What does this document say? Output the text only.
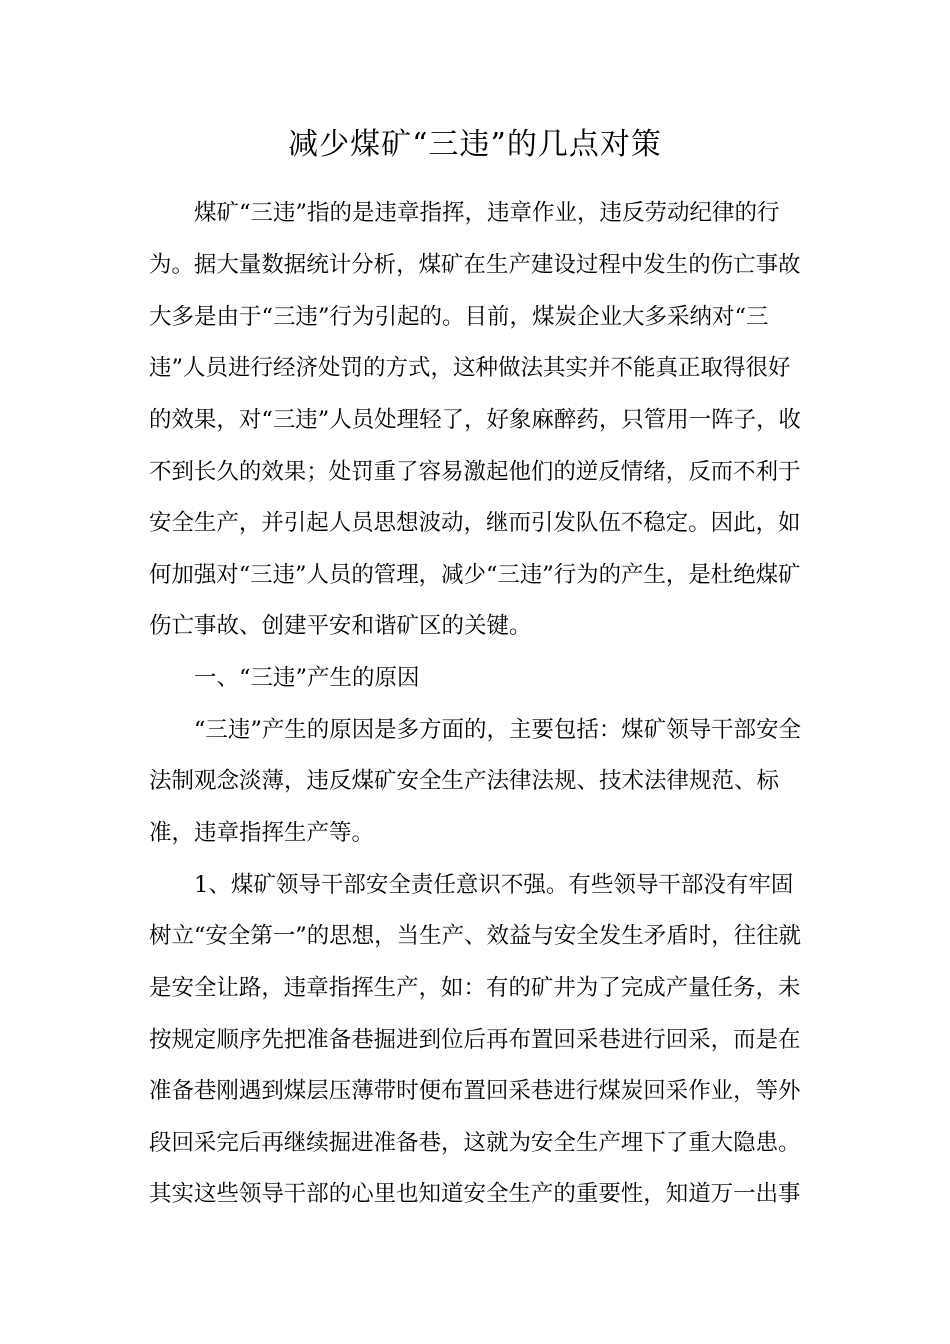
减少煤矿“三违”的几点对策
　　煤矿“三违”指的是违章指挥，违章作业，违反劳动纪律的行
为。据大量数据统计分析，煤矿在生产建设过程中发生的伤亡事故
大多是由于“三违”行为引起的。目前，煤炭企业大多采纳对“三
违”人员进行经济处罚的方式，这种做法其实并不能真正取得很好
的效果，对“三违”人员处理轻了，好象麻醉药，只管用一阵子，收
不到长久的效果；处罚重了容易激起他们的逆反情绪，反而不利于
安全生产，并引起人员思想波动，继而引发队伍不稳定。因此，如
何加强对“三违”人员的管理，减少“三违”行为的产生，是杜绝煤矿
伤亡事故、创建平安和谐矿区的关键。
　　一、“三违”产生的原因
　　“三违”产生的原因是多方面的，主要包括：煤矿领导干部安全
法制观念淡薄，违反煤矿安全生产法律法规、技术法律规范、标
准，违章指挥生产等。
　　1、煤矿领导干部安全责任意识不强。有些领导干部没有牢固
树立“安全第一”的思想，当生产、效益与安全发生矛盾时，往往就
是安全让路，违章指挥生产，如：有的矿井为了完成产量任务，未
按规定顺序先把准备巷掘进到位后再布置回采巷进行回采，而是在
准备巷刚遇到煤层压薄带时便布置回采巷进行煤炭回采作业，等外
段回采完后再继续掘进准备巷，这就为安全生产埋下了重大隐患。
其实这些领导干部的心里也知道安全生产的重要性，知道万一出事
